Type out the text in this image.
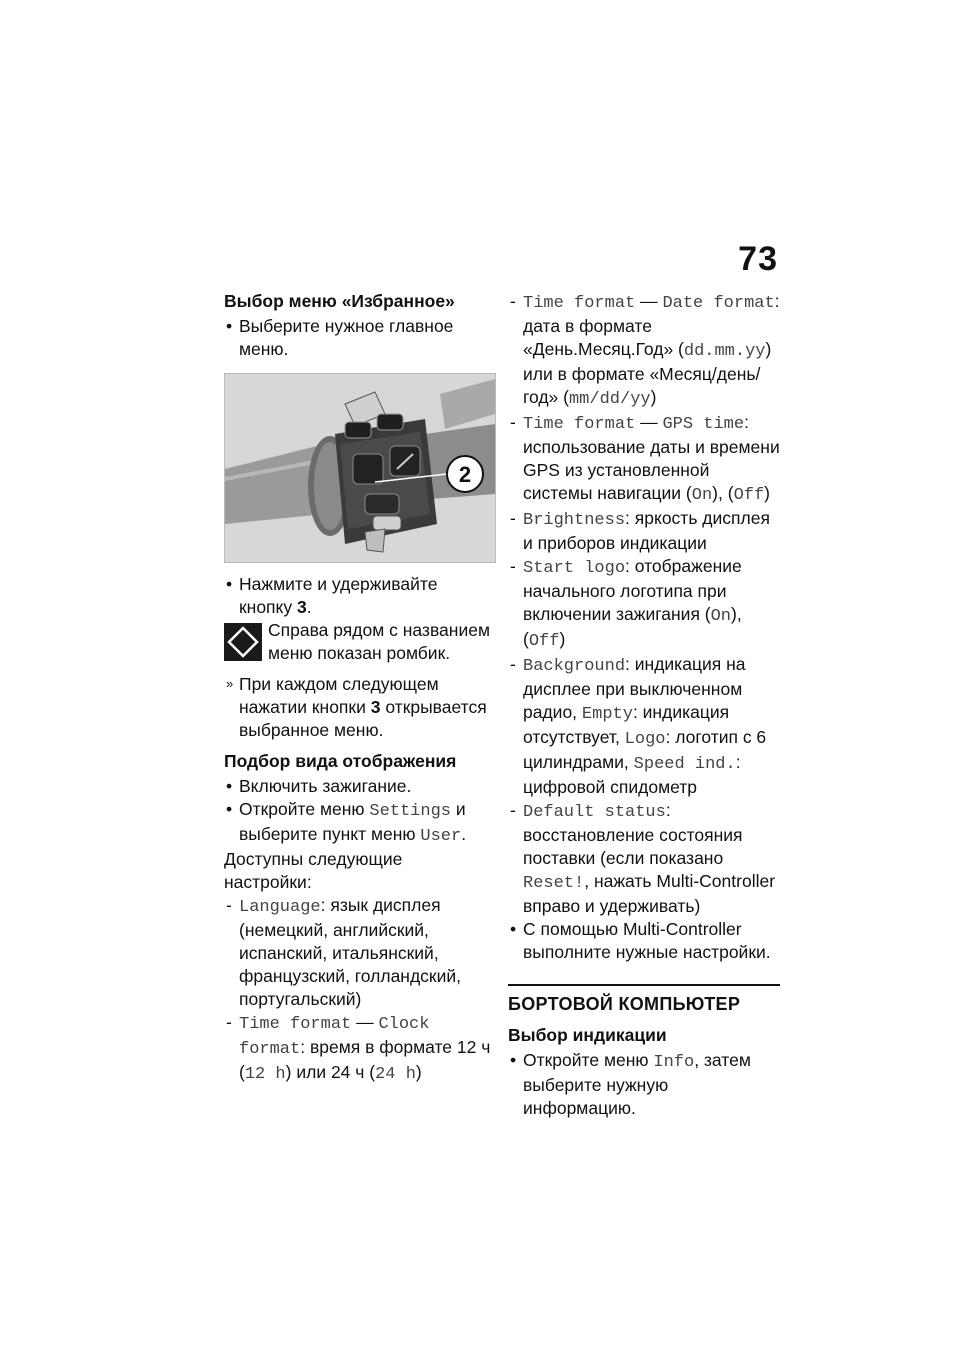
73
Выбор меню «Избранное»
• Выберите нужное главное меню.
2
• Нажмите и удерживайте кнопку 3.
Справа рядом с названием меню показан ромбик.
» При каждом следующем нажатии кнопки 3 открывается выбранное меню.
Подбор вида отображения
• Включить зажигание.
• Откройте меню Settings и выберите пункт меню User.

Доступны следующие настройки:

- Language: язык дисплея (немецкий, английский, испанский, итальянский, французский, голландский, португальский)
- Time format — Clock format: время в формате 12 ч (12 h) или 24 ч (24 h)
- Time format — Date format: дата в формате «День.Месяц.Год» (dd.mm.yy) или в формате «Месяц/день/год» (mm/dd/yy)
- Time format — GPS time: использование даты и времени GPS из установленной системы навигации (On), (Off)
- Brightness: яркость дисплея и приборов индикации
- Start logo: отображение начального логотипа при включении зажигания (On), (Off)
- Background: индикация на дисплее при выключенном радио, Empty: индикация отсутствует, Logo: логотип с 6 цилиндрами, Speed ind.: цифровой спидометр
- Default status: восстановление состояния поставки (если показано Reset!, нажать Multi-Controller вправо и удерживать)
• С помощью Multi-Controller выполните нужные настройки.
БОРТОВОЙ КОМПЬЮТЕР
Выбор индикации
• Откройте меню Info, затем выберите нужную информацию.
